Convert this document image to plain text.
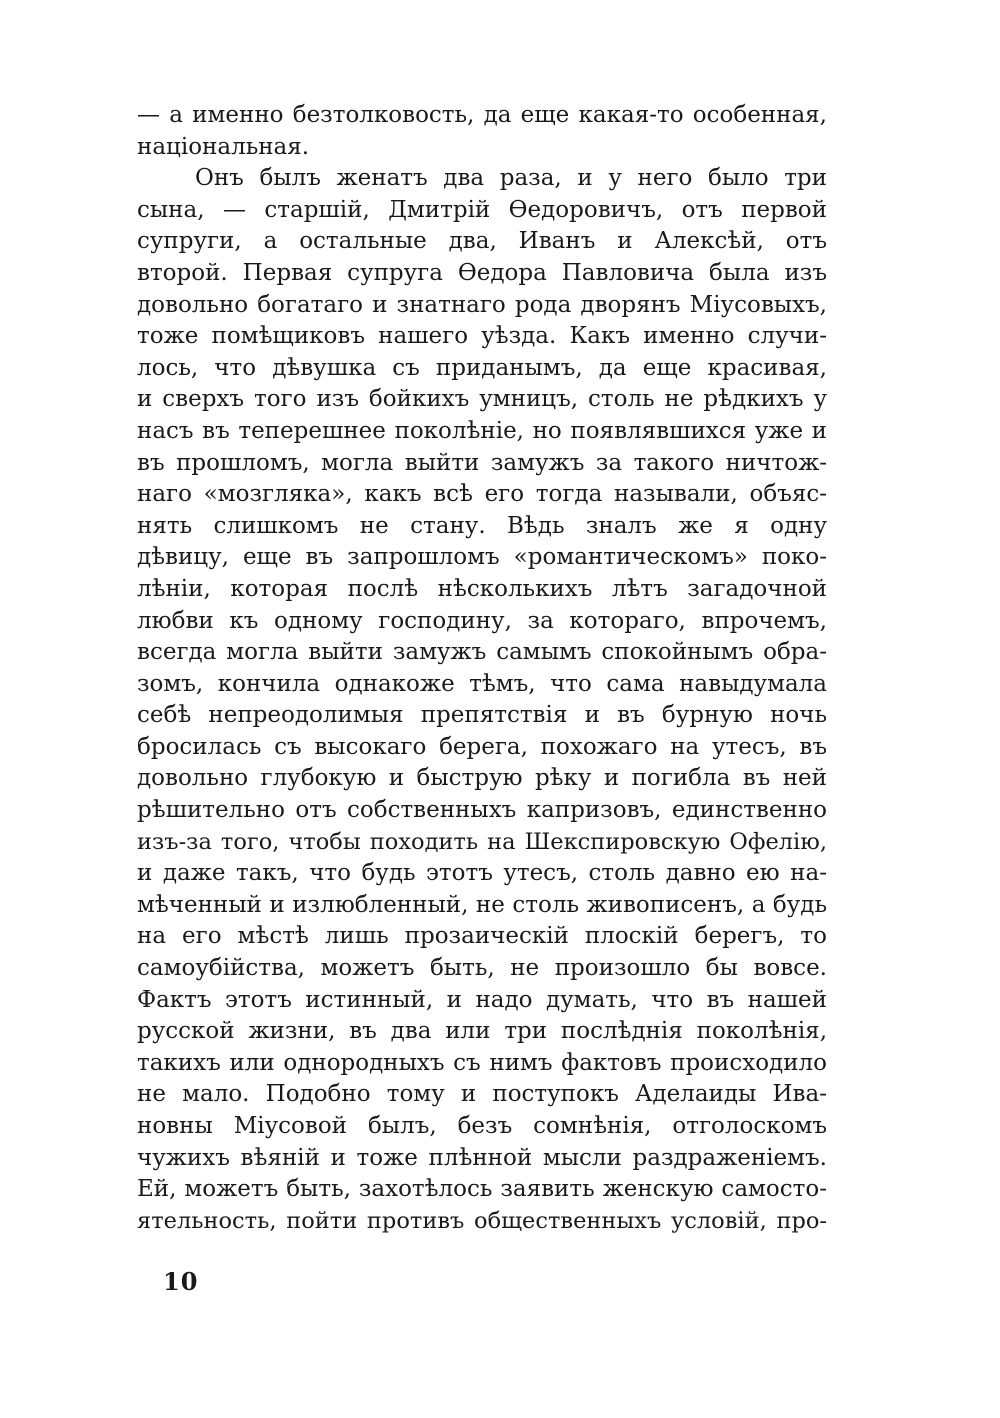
— а именно безтолковость, да еще какая-то особенная,
національная.
Онъ былъ женатъ два раза, и у него было три
сына, — старшій, Дмитрій Өедоровичъ, отъ первой
супруги, а остальные два, Иванъ и Алексѣй, отъ
второй. Первая супруга Өедора Павловича была изъ
довольно богатаго и знатнаго рода дворянъ Міусовыхъ,
тоже помѣщиковъ нашего уѣзда. Какъ именно случи-
лось, что дѣвушка съ приданымъ, да еще красивая,
и сверхъ того изъ бойкихъ умницъ, столь не рѣдкихъ у
насъ въ теперешнее поколѣніе, но появлявшихся уже и
въ прошломъ, могла выйти замужъ за такого ничтож-
наго «мозгляка», какъ всѣ его тогда называли, объяс-
нять слишкомъ не стану. Вѣдь зналъ же я одну
дѣвицу, еще въ запрошломъ «романтическомъ» поко-
лѣніи, которая послѣ нѣсколькихъ лѣтъ загадочной
любви къ одному господину, за котораго, впрочемъ,
всегда могла выйти замужъ самымъ спокойнымъ обра-
зомъ, кончила однакоже тѣмъ, что сама навыдумала
себѣ непреодолимыя препятствія и въ бурную ночь
бросилась съ высокаго берега, похожаго на утесъ, въ
довольно глубокую и быструю рѣку и погибла въ ней
рѣшительно отъ собственныхъ капризовъ, единственно
изъ-за того, чтобы походить на Шекспировскую Офелію,
и даже такъ, что будь этотъ утесъ, столь давно ею на-
мѣченный и излюбленный, не столь живописенъ, а будь
на его мѣстѣ лишь прозаическій плоскій берегъ, то
самоубійства, можетъ быть, не произошло бы вовсе.
Фактъ этотъ истинный, и надо думать, что въ нашей
русской жизни, въ два или три послѣднія поколѣнія,
такихъ или однородныхъ съ нимъ фактовъ происходило
не мало. Подобно тому и поступокъ Аделаиды Ива-
новны Міусовой былъ, безъ сомнѣнія, отголоскомъ
чужихъ вѣяній и тоже плѣнной мысли раздраженіемъ.
Ей, можетъ быть, захотѣлось заявить женскую самосто-
ятельность, пойти противъ общественныхъ условій, про-
10
